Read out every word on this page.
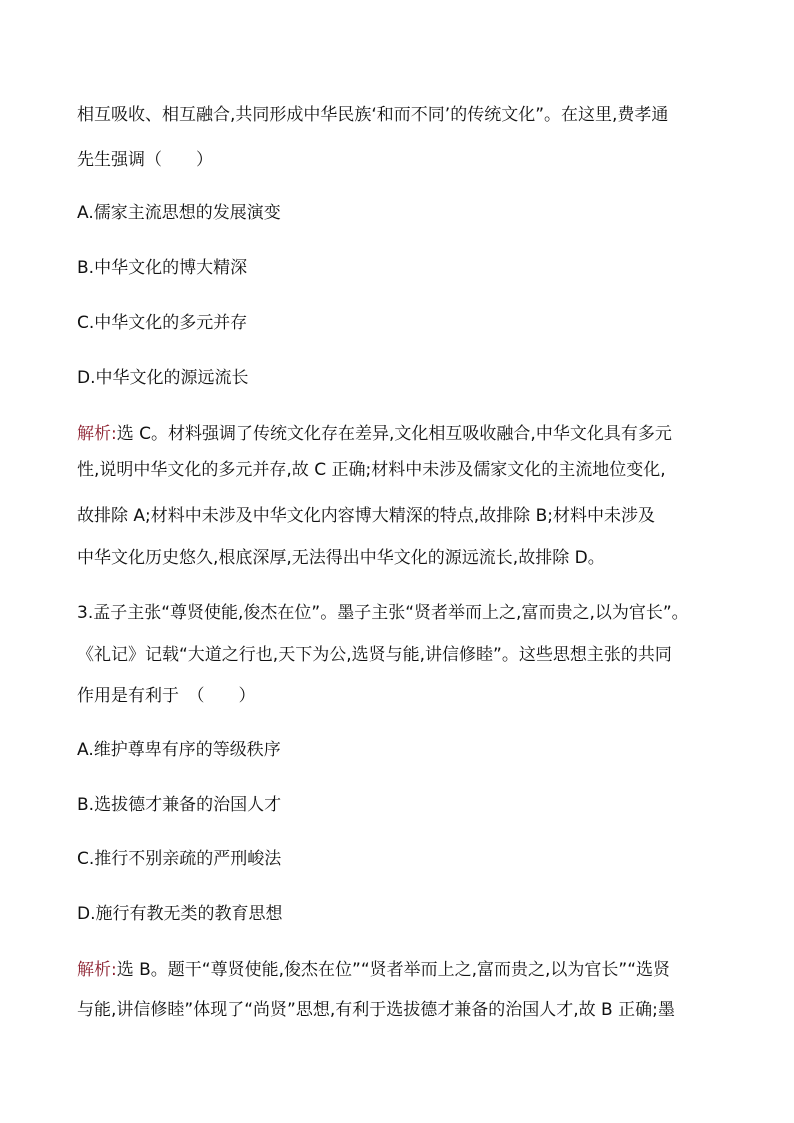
相互吸收、相互融合,共同形成中华民族‘和而不同’的传统文化”。在这里,费孝通
先生强调（　　）
A.儒家主流思想的发展演变
B.中华文化的博大精深
C.中华文化的多元并存
D.中华文化的源远流长
解析:选 C。材料强调了传统文化存在差异,文化相互吸收融合,中华文化具有多元
性,说明中华文化的多元并存,故 C 正确;材料中未涉及儒家文化的主流地位变化,
故排除 A;材料中未涉及中华文化内容博大精深的特点,故排除 B;材料中未涉及
中华文化历史悠久,根底深厚,无法得出中华文化的源远流长,故排除 D。
3.孟子主张“尊贤使能,俊杰在位”。墨子主张“贤者举而上之,富而贵之,以为官长”。
《礼记》记载“大道之行也,天下为公,选贤与能,讲信修睦”。这些思想主张的共同
作用是有利于　（　　）
A.维护尊卑有序的等级秩序
B.选拔德才兼备的治国人才
C.推行不别亲疏的严刑峻法
D.施行有教无类的教育思想
解析:选 B。题干“尊贤使能,俊杰在位”“贤者举而上之,富而贵之,以为官长”“选贤
与能,讲信修睦”体现了“尚贤”思想,有利于选拔德才兼备的治国人才,故 B 正确;墨
